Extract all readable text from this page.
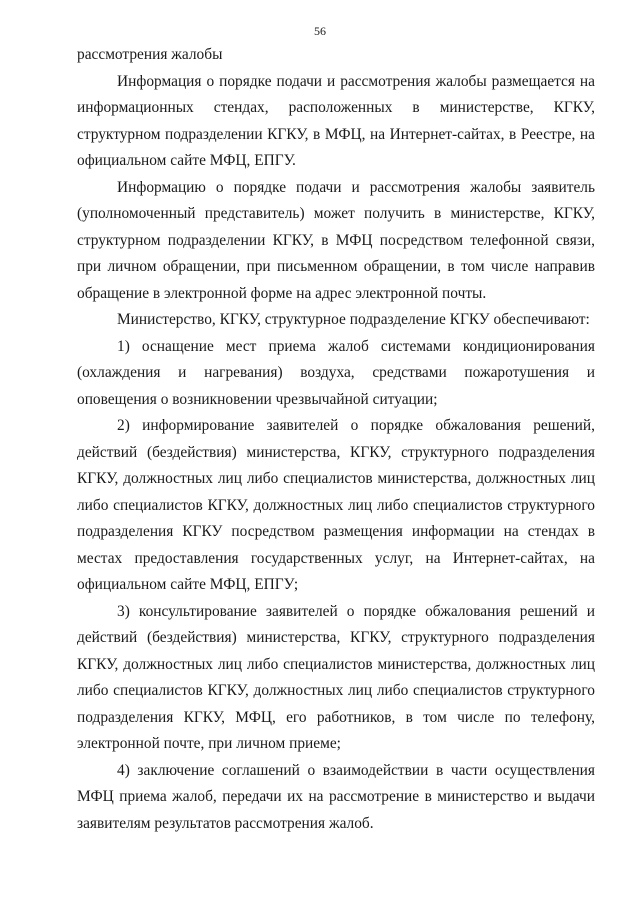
56

рассмотрения жалобы

Информация о порядке подачи и рассмотрения жалобы размещается на информационных стендах, расположенных в министерстве, КГКУ, структурном подразделении КГКУ, в МФЦ, на Интернет-сайтах, в Реестре, на официальном сайте МФЦ, ЕПГУ.

Информацию о порядке подачи и рассмотрения жалобы заявитель (уполномоченный представитель) может получить в министерстве, КГКУ, структурном подразделении КГКУ, в МФЦ посредством телефонной связи, при личном обращении, при письменном обращении, в том числе направив обращение в электронной форме на адрес электронной почты.

Министерство, КГКУ, структурное подразделение КГКУ обеспечивают:

1) оснащение мест приема жалоб системами кондиционирования (охлаждения и нагревания) воздуха, средствами пожаротушения и оповещения о возникновении чрезвычайной ситуации;

2) информирование заявителей о порядке обжалования решений, действий (бездействия) министерства, КГКУ, структурного подразделения КГКУ, должностных лиц либо специалистов министерства, должностных лиц либо специалистов КГКУ, должностных лиц либо специалистов структурного подразделения КГКУ посредством размещения информации на стендах в местах предоставления государственных услуг, на Интернет-сайтах, на официальном сайте МФЦ, ЕПГУ;

3) консультирование заявителей о порядке обжалования решений и действий (бездействия) министерства, КГКУ, структурного подразделения КГКУ, должностных лиц либо специалистов министерства, должностных лиц либо специалистов КГКУ, должностных лиц либо специалистов структурного подразделения КГКУ, МФЦ, его работников, в том числе по телефону, электронной почте, при личном приеме;

4) заключение соглашений о взаимодействии в части осуществления МФЦ приема жалоб, передачи их на рассмотрение в министерство и выдачи заявителям результатов рассмотрения жалоб.
